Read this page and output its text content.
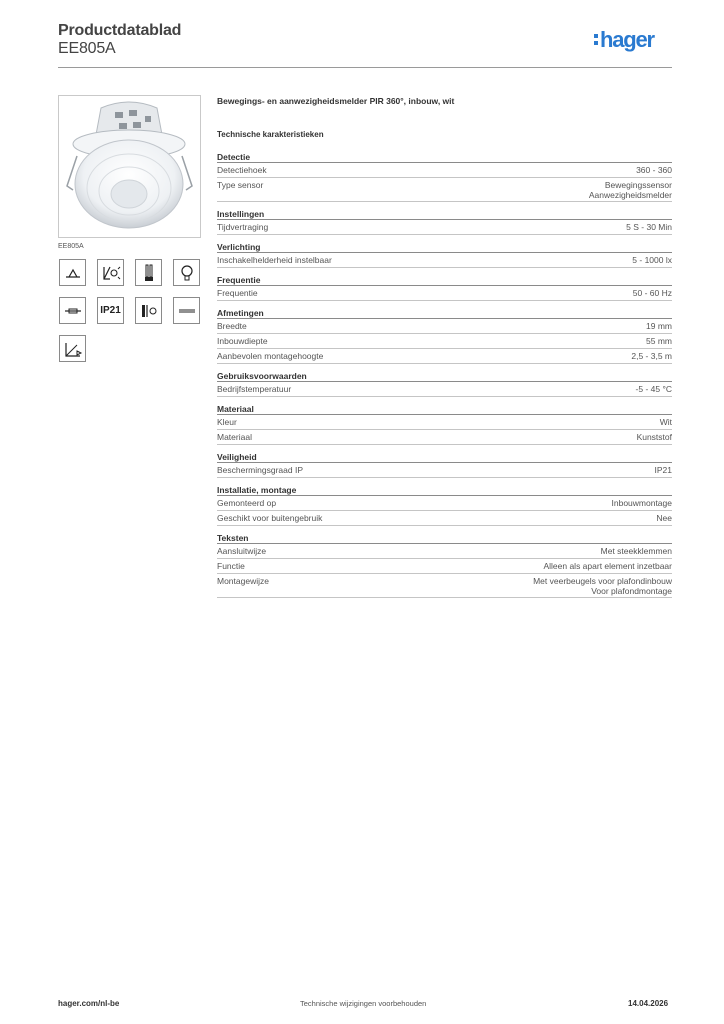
Productdatablad
EE805A	hager
EE805A
IP21
Bewegings- en aanwezigheidsmelder PIR 360°, inbouw, wit
Technische karakteristieken
Detectie
Detectiehoek	360 - 360
Type sensor	Bewegingssensor
Aanwezigheidsmelder
Instellingen
Tijdvertraging	5 S - 30 Min
Verlichting
Inschakelhelderheid instelbaar	5 - 1000 lx
Frequentie
Frequentie	50 - 60 Hz
Afmetingen
Breedte	19 mm
Inbouwdiepte	55 mm
Aanbevolen montagehoogte	2,5 - 3,5 m
Gebruiksvoorwaarden
Bedrijfstemperatuur	-5 - 45 °C
Materiaal
Kleur	Wit
Materiaal	Kunststof
Veiligheid
Beschermingsgraad IP	IP21
Installatie, montage
Gemonteerd op	Inbouwmontage
Geschikt voor buitengebruik	Nee
Teksten
Aansluitwijze	Met steekklemmen
Functie	Alleen als apart element inzetbaar
Montagewijze	Met veerbeugels voor plafondinbouw
Voor plafondmontage
hager.com/nl-be	Technische wijzigingen voorbehouden	14.04.2026
